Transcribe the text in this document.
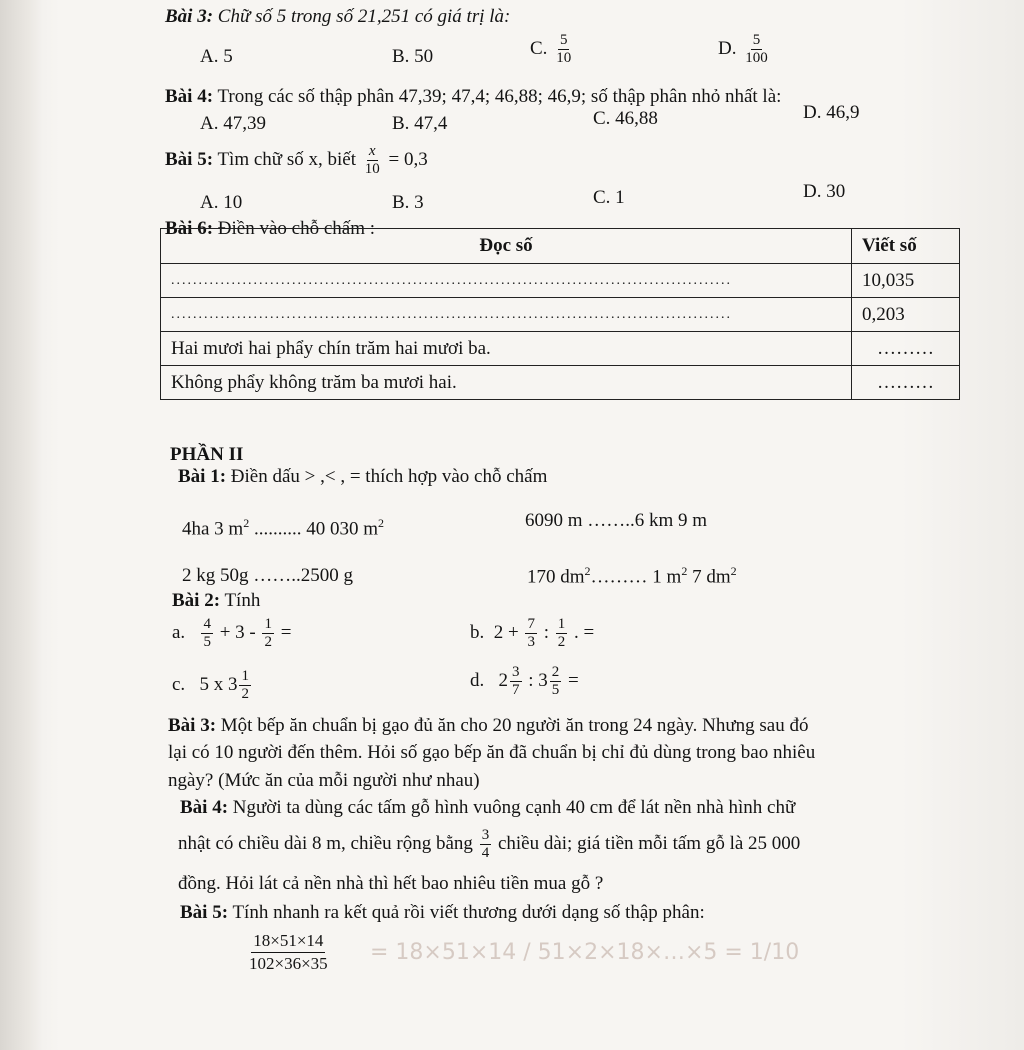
Bài 3: Chữ số 5 trong số 21,251 có giá trị là:
A. 5	B. 50	C. $\frac{5}{10}$	D. $\frac{5}{100}$
Bài 4: Trong các số thập phân 47,39; 47,4; 46,88; 46,9; số thập phân nhỏ nhất là:
A. 47,39	B. 47,4	C. 46,88	D. 46,9
Bài 5: Tìm chữ số x, biết $\frac{x}{10} = 0,3$
A. 10	B. 3	C. 1	D. 30
Bài 6: Điền vào chỗ chấm :
Đọc số	Viết số
......................................................................................................	10,035
......................................................................................................	0,203
Hai mươi hai phẩy chín trăm hai mươi ba.	………
Không phẩy không trăm ba mươi hai.	………
PHẦN II
Bài 1: Điền dấu > ,< , = thích hợp vào chỗ chấm
4ha 3 $m^2$ .......... 40 030 $m^2$	6090 m ……..6 km 9 m
2 kg 50g ……..2500 g	170 $dm^2\dots\dots\dots$ 1 $m^2$ 7 $dm^2$
Bài 2: Tính
a. $\frac{4}{5} + 3 - \frac{1}{2}$ =	b. $2 + \frac{7}{3}$ : $\frac{1}{2}$ . =
c. 5 x $3 \frac{1}{2}$	d. $2 \frac{3}{7}$ : $3 \frac{2}{5}$ =
Bài 3: Một bếp ăn chuẩn bị gạo đủ ăn cho 20 người ăn trong 24 ngày. Nhưng sau đó
lại có 10 người đến thêm. Hỏi số gạo bếp ăn đã chuẩn bị chỉ đủ dùng trong bao nhiêu
ngày? (Mức ăn của mỗi người như nhau)
Bài 4: Người ta dùng các tấm gỗ hình vuông cạnh 40 cm để lát nền nhà hình chữ
nhật có chiều dài 8 m, chiều rộng bằng $\frac{3}{4}$ chiều dài; giá tiền mỗi tấm gỗ là 25 000
đồng. Hỏi lát cả nền nhà thì hết bao nhiêu tiền mua gỗ ?
Bài 5: Tính nhanh ra kết quả rồi viết thương dưới dạng số thập phân:
$\frac{18\times 51\times 14}{102\times 36\times 35} = 18\times 51\times 14$ / 51×2×18×…×5 = 1/10
